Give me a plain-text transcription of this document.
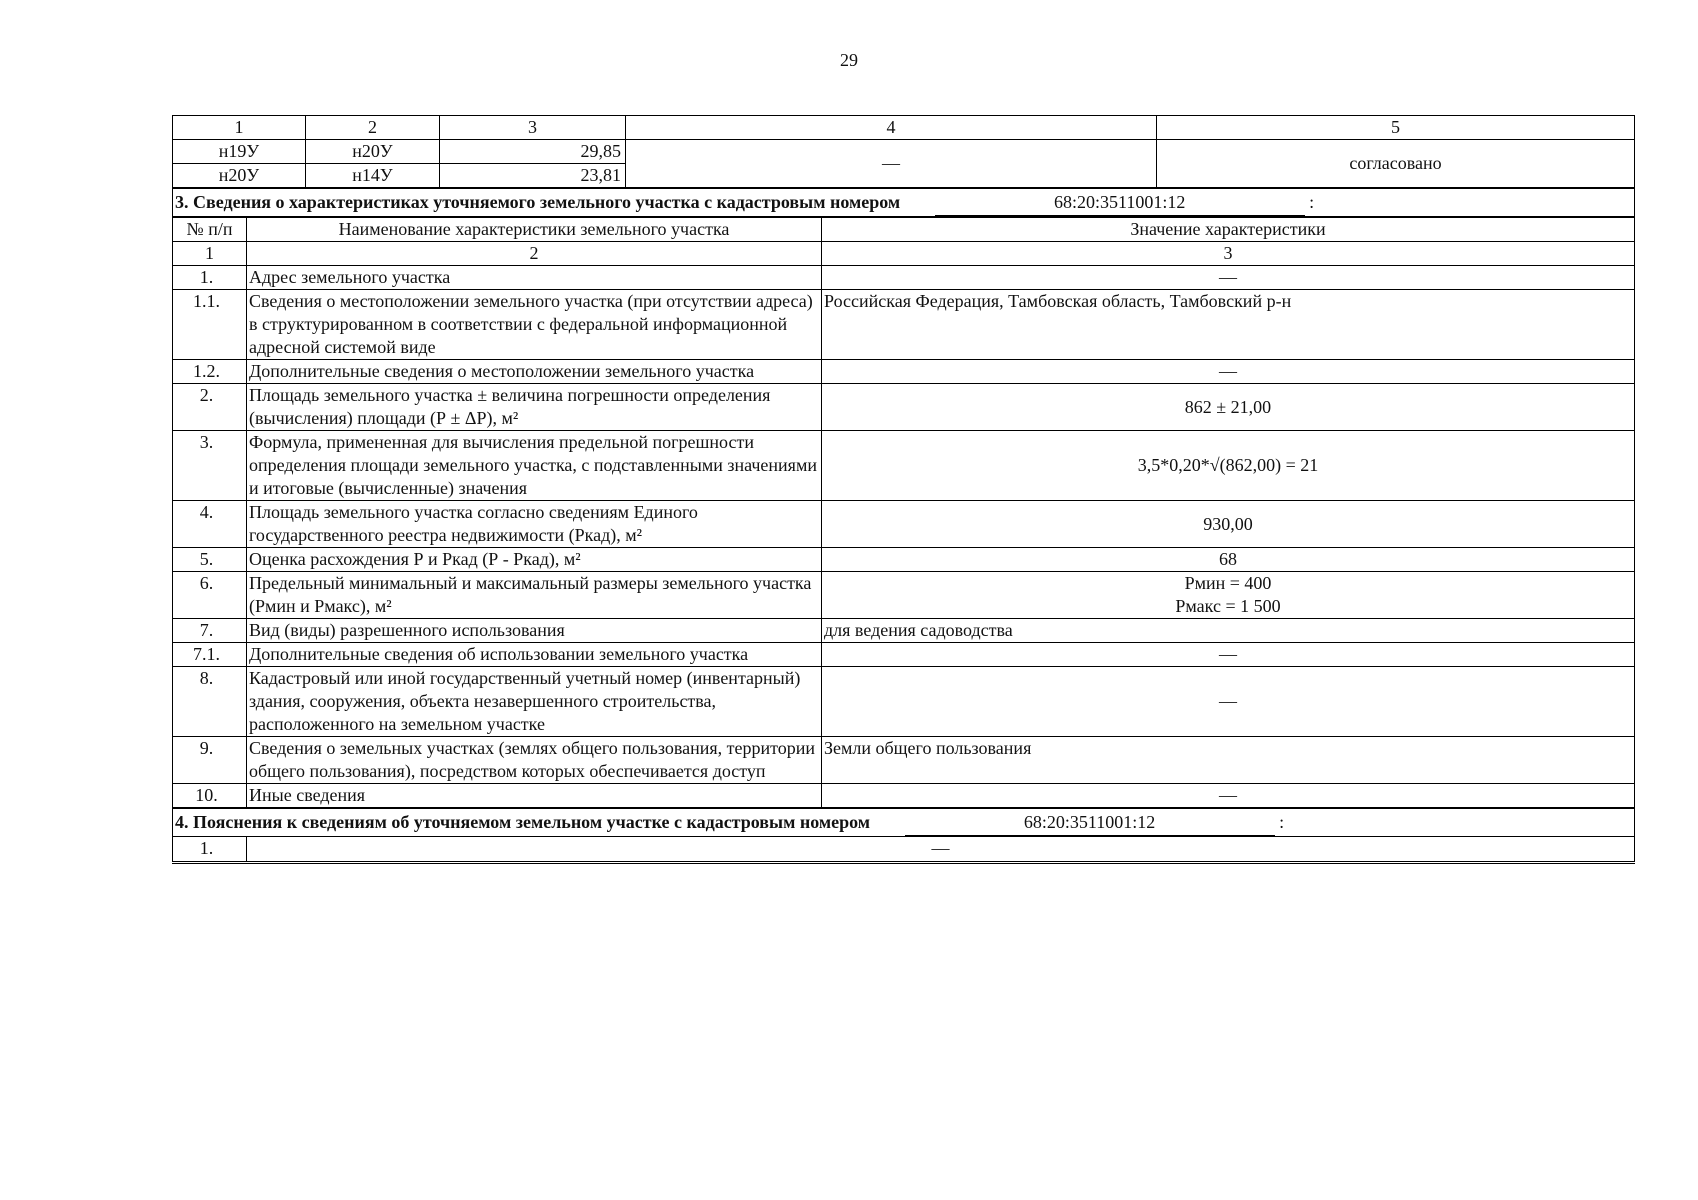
29
1	2	3	4	5
н19У	н20У	29,85	—	согласовано
н20У	н14У	23,81		
3. Сведения о характеристиках уточняемого земельного участка с кадастровым номером 68:20:3511001:12 :				
№ п/п	Наименование характеристики земельного участка	Значение характеристики
1	2	3
1.	Адрес земельного участка	—
1.1.	Сведения о местоположении земельного участка (при отсутствии адреса) в структурированном в соответствии с федеральной информационной адресной системой виде	Российская Федерация, Тамбовская область, Тамбовский р-н
1.2.	Дополнительные сведения о местоположении земельного участка	—
2.	Площадь земельного участка ± величина погрешности определения (вычисления) площади (Р ± ΔР), м²	862 ± 21,00
3.	Формула, примененная для вычисления предельной погрешности определения площади земельного участка, с подставленными значениями и итоговые (вычисленные) значения	3,5*0,20*√(862,00) = 21
4.	Площадь земельного участка согласно сведениям Единого государственного реестра недвижимости (Ркад), м²	930,00
5.	Оценка расхождения Р и Ркад (Р - Ркад), м²	68
6.	Предельный минимальный и максимальный размеры земельного участка (Рмин и Рмакс), м²	Рмин = 400
Рмакс = 1 500

7.	Вид (виды) разрешенного использования	для ведения садоводства
7.1.	Дополнительные сведения об использовании земельного участка	—
8.	Кадастровый или иной государственный учетный номер (инвентарный) здания, сооружения, объекта незавершенного строительства, расположенного на земельном участке	—
9.	Сведения о земельных участках (землях общего пользования, территории общего пользования), посредством которых обеспечивается доступ	Земли общего пользования
10.	Иные сведения	—
4. Пояснения к сведениям об уточняемом земельном участке с кадастровым номером 68:20:3511001:12 :		
1.	—	
